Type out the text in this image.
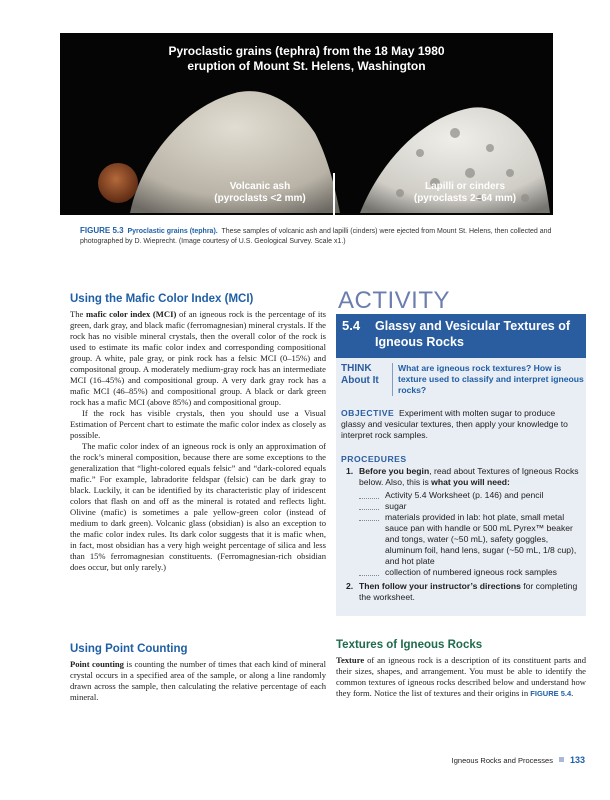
Pyroclastic grains (tephra) from the 18 May 1980
eruption of Mount St. Helens, Washington
Volcanic ash
(pyroclasts <2 mm)
Lapilli or cinders
(pyroclasts 2–64 mm)
FIGURE 5.3 Pyroclastic grains (tephra). These samples of volcanic ash and lapilli (cinders) were ejected from Mount St. Helens, then collected and photographed by D. Wieprecht. (Image courtesy of U.S. Geological Survey. Scale x1.)
Using the Mafic Color Index (MCI)

The mafic color index (MCI) of an igneous rock is the percentage of its green, dark gray, and black mafic (ferromagnesian) mineral crystals. If the rock has no visible mineral crystals, then the overall color of the rock is used to estimate its mafic color index and corresponding compositional group. A white, pale gray, or pink rock has a felsic MCI (0–15%) and compositonal group. A moderately medium-gray rock has an intermediate MCI (16–45%) and compositional group. A very dark gray rock has a mafic MCI (46–85%) and compositional group. A black or dark green rock has a mafic MCI (above 85%) and compositional group.

If the rock has visible crystals, then you should use a Visual Estimation of Percent chart to estimate the mafic color index as closely as possible.

The mafic color index of an igneous rock is only an approximation of the rock’s mineral composition, because there are some exceptions to the generalization that “light-colored equals felsic” and “dark-colored equals mafic.” For example, labradorite feldspar (felsic) can be dark gray to black. Luckily, it can be identified by its characteristic play of iridescent colors that flash on and off as the mineral is rotated and reflects light. Olivine (mafic) is sometimes a pale yellow-green color (instead of medium to dark green). Volcanic glass (obsidian) is also an exception to the mafic color index rules. Its dark color suggests that it is mafic when, in fact, most obsidian has a very high weight percentage of silica and less than 15% ferromagnesian constituents. (Ferromagnesian-rich obsidian does occur, but only rarely.)

Using Point Counting

Point counting is counting the number of times that each kind of mineral crystal occurs in a specified area of the sample, or along a line randomly drawn across the sample, then calculating the relative percentage of each mineral.

ACTIVITY
5.4 Glassy and Vesicular Textures of Igneous Rocks
THINK
About It
What are igneous rock textures? How is texture used to classify and interpret igneous rocks?
OBJECTIVE Experiment with molten sugar to produce glassy and vesicular textures, then apply your knowledge to interpret rock samples.
PROCEDURES
1. Before you begin, read about Textures of Igneous Rocks below. Also, this is what you will need:
Activity 5.4 Worksheet (p. 146) and pencil
sugar
materials provided in lab: hot plate, small metal sauce pan with handle or 500 mL Pyrex™ beaker and tongs, water (~50 mL), safety goggles, aluminum foil, hand lens, sugar (~50 mL, 1/8 cup), and hot plate
collection of numbered igneous rock samples
2. Then follow your instructor’s directions for completing the worksheet.
Textures of Igneous Rocks

Texture of an igneous rock is a description of its constituent parts and their sizes, shapes, and arrangement. You must be able to identify the common textures of igneous rocks described below and understand how they form. Notice the list of textures and their origins in FIGURE 5.4.

Igneous Rocks and Processes 133
